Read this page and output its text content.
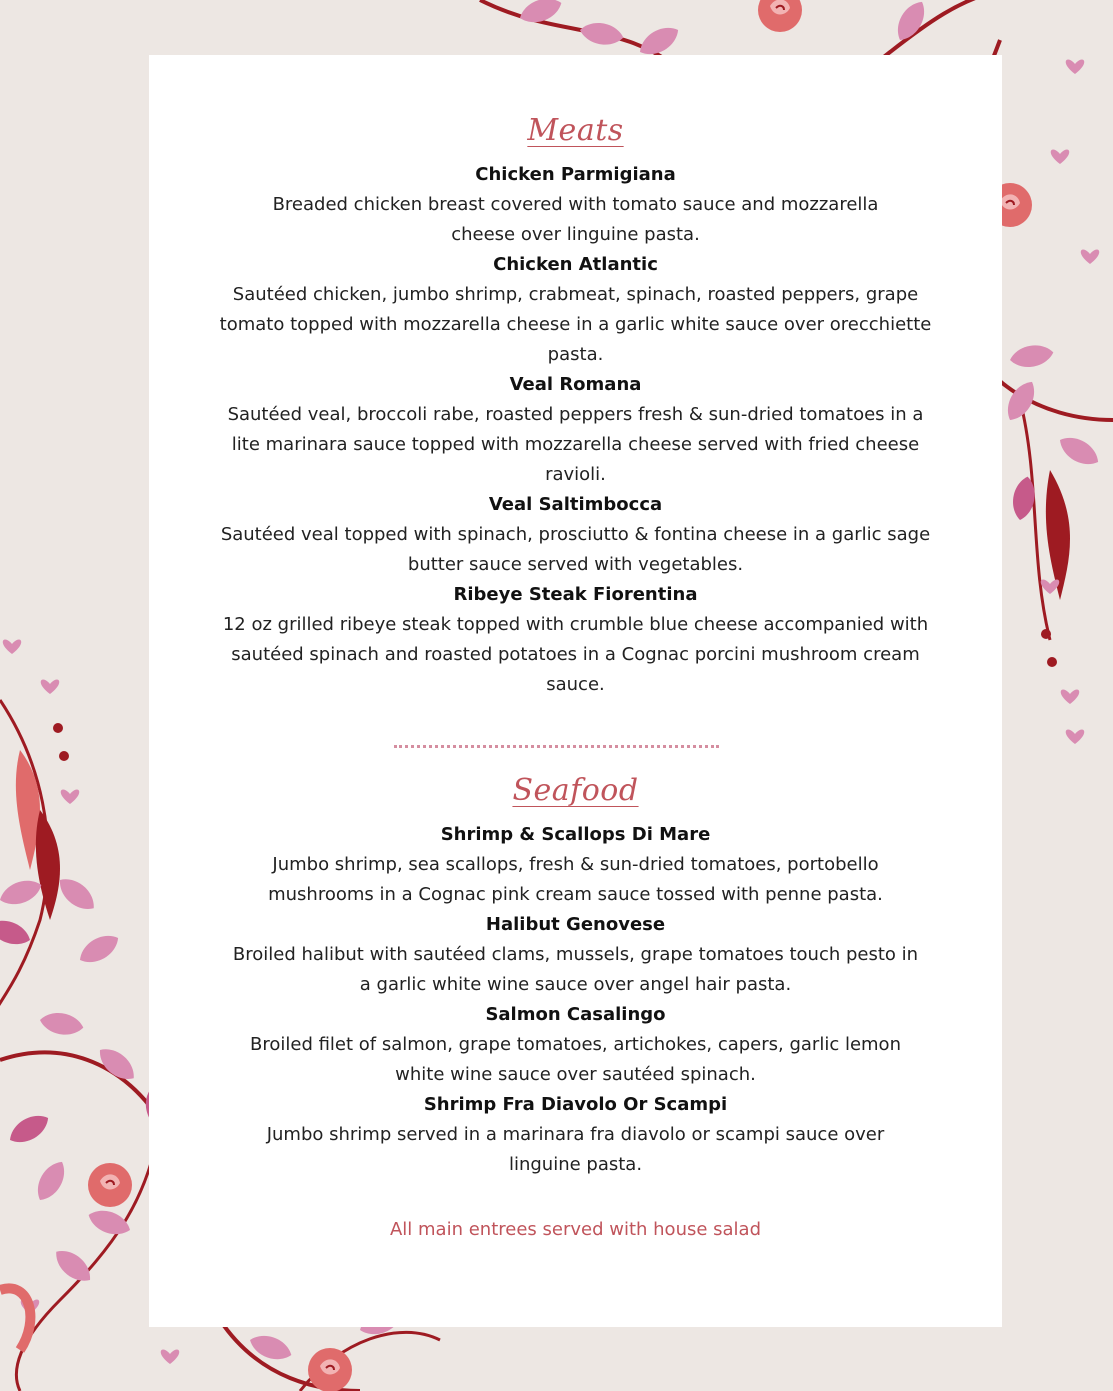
Meats
Chicken Parmigiana
Breaded chicken breast covered with tomato sauce and mozzarella cheese over linguine pasta.
Chicken Atlantic
Sautéed chicken, jumbo shrimp, crabmeat, spinach, roasted peppers, grape tomato topped with mozzarella cheese in a garlic white sauce over orecchiette pasta.
Veal Romana
Sautéed veal, broccoli rabe, roasted peppers fresh & sun-dried tomatoes in a lite marinara sauce topped with mozzarella cheese served with fried cheese ravioli.
Veal Saltimbocca
Sautéed veal topped with spinach, prosciutto & fontina cheese in a garlic sage butter sauce served with vegetables.
Ribeye Steak Fiorentina
12 oz grilled ribeye steak topped with crumble blue cheese accompanied with sautéed spinach and roasted potatoes in a Cognac porcini mushroom cream sauce.
Seafood
Shrimp & Scallops Di Mare
Jumbo shrimp, sea scallops, fresh & sun-dried tomatoes, portobello mushrooms in a Cognac pink cream sauce tossed with penne pasta.
Halibut Genovese
Broiled halibut with sautéed clams, mussels, grape tomatoes touch pesto in a garlic white wine sauce over angel hair pasta.
Salmon Casalingo
Broiled filet of salmon, grape tomatoes, artichokes, capers, garlic lemon white wine sauce over sautéed spinach.
Shrimp Fra Diavolo Or Scampi
Jumbo shrimp served in a marinara fra diavolo or scampi sauce over linguine pasta.
All main entrees served with house salad
